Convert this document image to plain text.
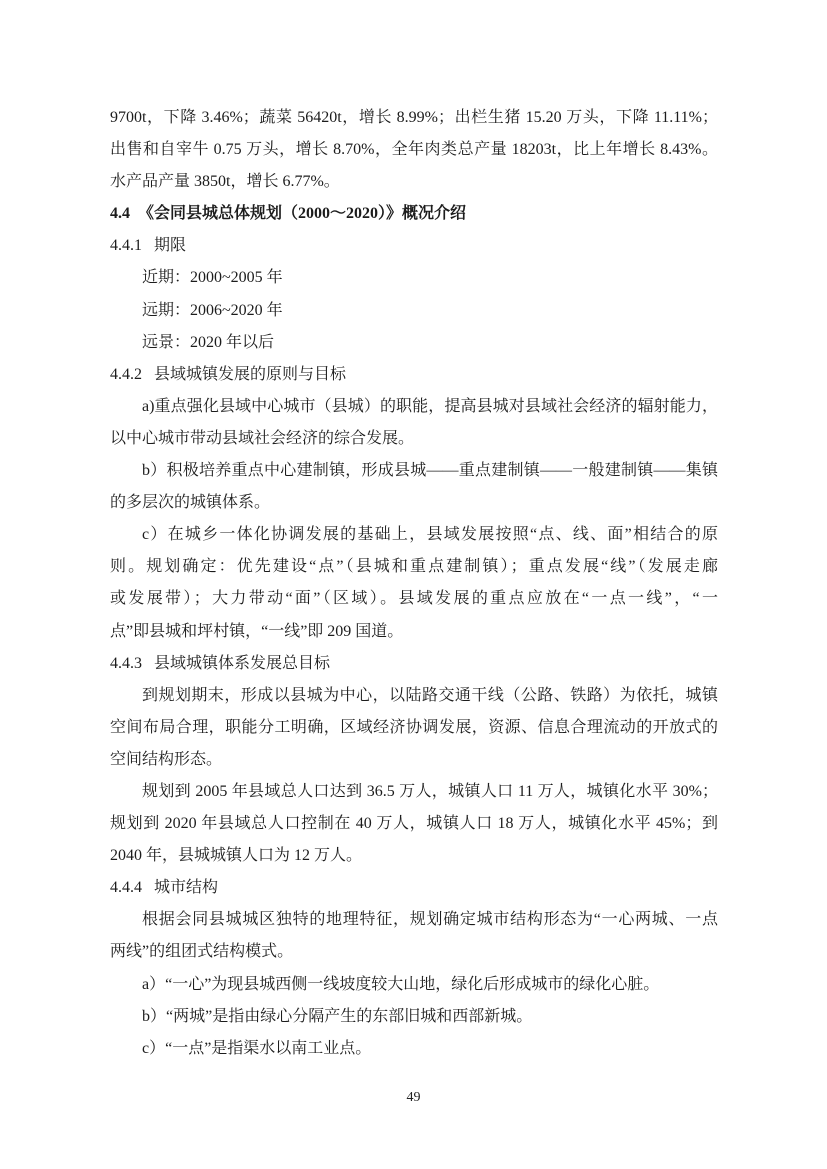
9700t，下降 3.46%；蔬菜 56420t，增长 8.99%；出栏生猪 15.20 万头，下降 11.11%；
出售和自宰牛 0.75 万头，增长 8.70%，全年肉类总产量 18203t，比上年增长 8.43%。
水产品产量 3850t，增长 6.77%。
4.4  《会同县城总体规划（2000～2020）》概况介绍
4.4.1   期限
近期：2000~2005 年
远期：2006~2020 年
远景：2020 年以后
4.4.2   县域城镇发展的原则与目标
a)重点强化县域中心城市（县城）的职能，提高县城对县域社会经济的辐射能力，
以中心城市带动县域社会经济的综合发展。
b）积极培养重点中心建制镇，形成县城——重点建制镇——一般建制镇——集镇
的多层次的城镇体系。
c）在城乡一体化协调发展的基础上，县域发展按照“点、线、面”相结合的原
则。规划确定：优先建设“点”（县城和重点建制镇）；重点发展“线”（发展走廊
或发展带）；大力带动“面”（区域）。县域发展的重点应放在“一点一线”，“一
点”即县城和坪村镇，“一线”即 209 国道。
4.4.3   县域城镇体系发展总目标
到规划期末，形成以县城为中心，以陆路交通干线（公路、铁路）为依托，城镇
空间布局合理，职能分工明确，区域经济协调发展，资源、信息合理流动的开放式的
空间结构形态。
规划到 2005 年县域总人口达到 36.5 万人，城镇人口 11 万人，城镇化水平 30%；
规划到 2020 年县域总人口控制在 40 万人，城镇人口 18 万人，城镇化水平 45%；到
2040 年，县城城镇人口为 12 万人。
4.4.4   城市结构
根据会同县城城区独特的地理特征，规划确定城市结构形态为“一心两城、一点
两线”的组团式结构模式。
a）“一心”为现县城西侧一线坡度较大山地，绿化后形成城市的绿化心脏。
b）“两城”是指由绿心分隔产生的东部旧城和西部新城。
c）“一点”是指渠水以南工业点。
49
